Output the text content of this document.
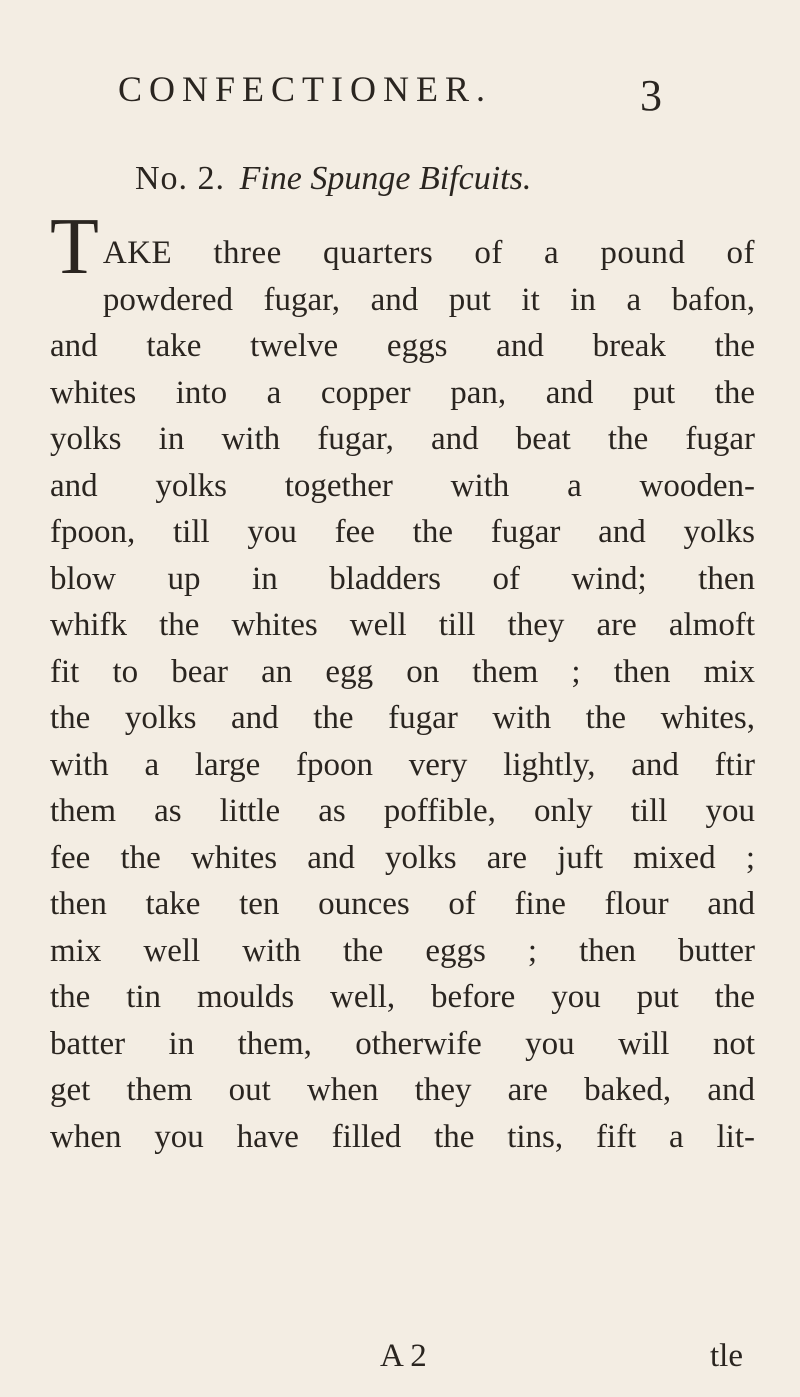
CONFECTIONER.	3
No. 2. Fine Spunge Bifcuits.
TAKE three quarters of a pound of
powdered fugar, and put it in a bafon,
and take twelve eggs and break the
whites into a copper pan, and put the
yolks in with fugar, and beat the fugar
and yolks together with a wooden-
fpoon, till you fee the fugar and yolks
blow up in bladders of wind; then
whifk the whites well till they are almoft
fit to bear an egg on them ; then mix
the yolks and the fugar with the whites,
with a large fpoon very lightly, and ftir
them as little as poffible, only till you
fee the whites and yolks are juft mixed ;
then take ten ounces of fine flour and
mix well with the eggs ; then butter
the tin moulds well, before you put the
batter in them, otherwife you will not
get them out when they are baked, and
when you have filled the tins, fift a lit-
A 2	tle
